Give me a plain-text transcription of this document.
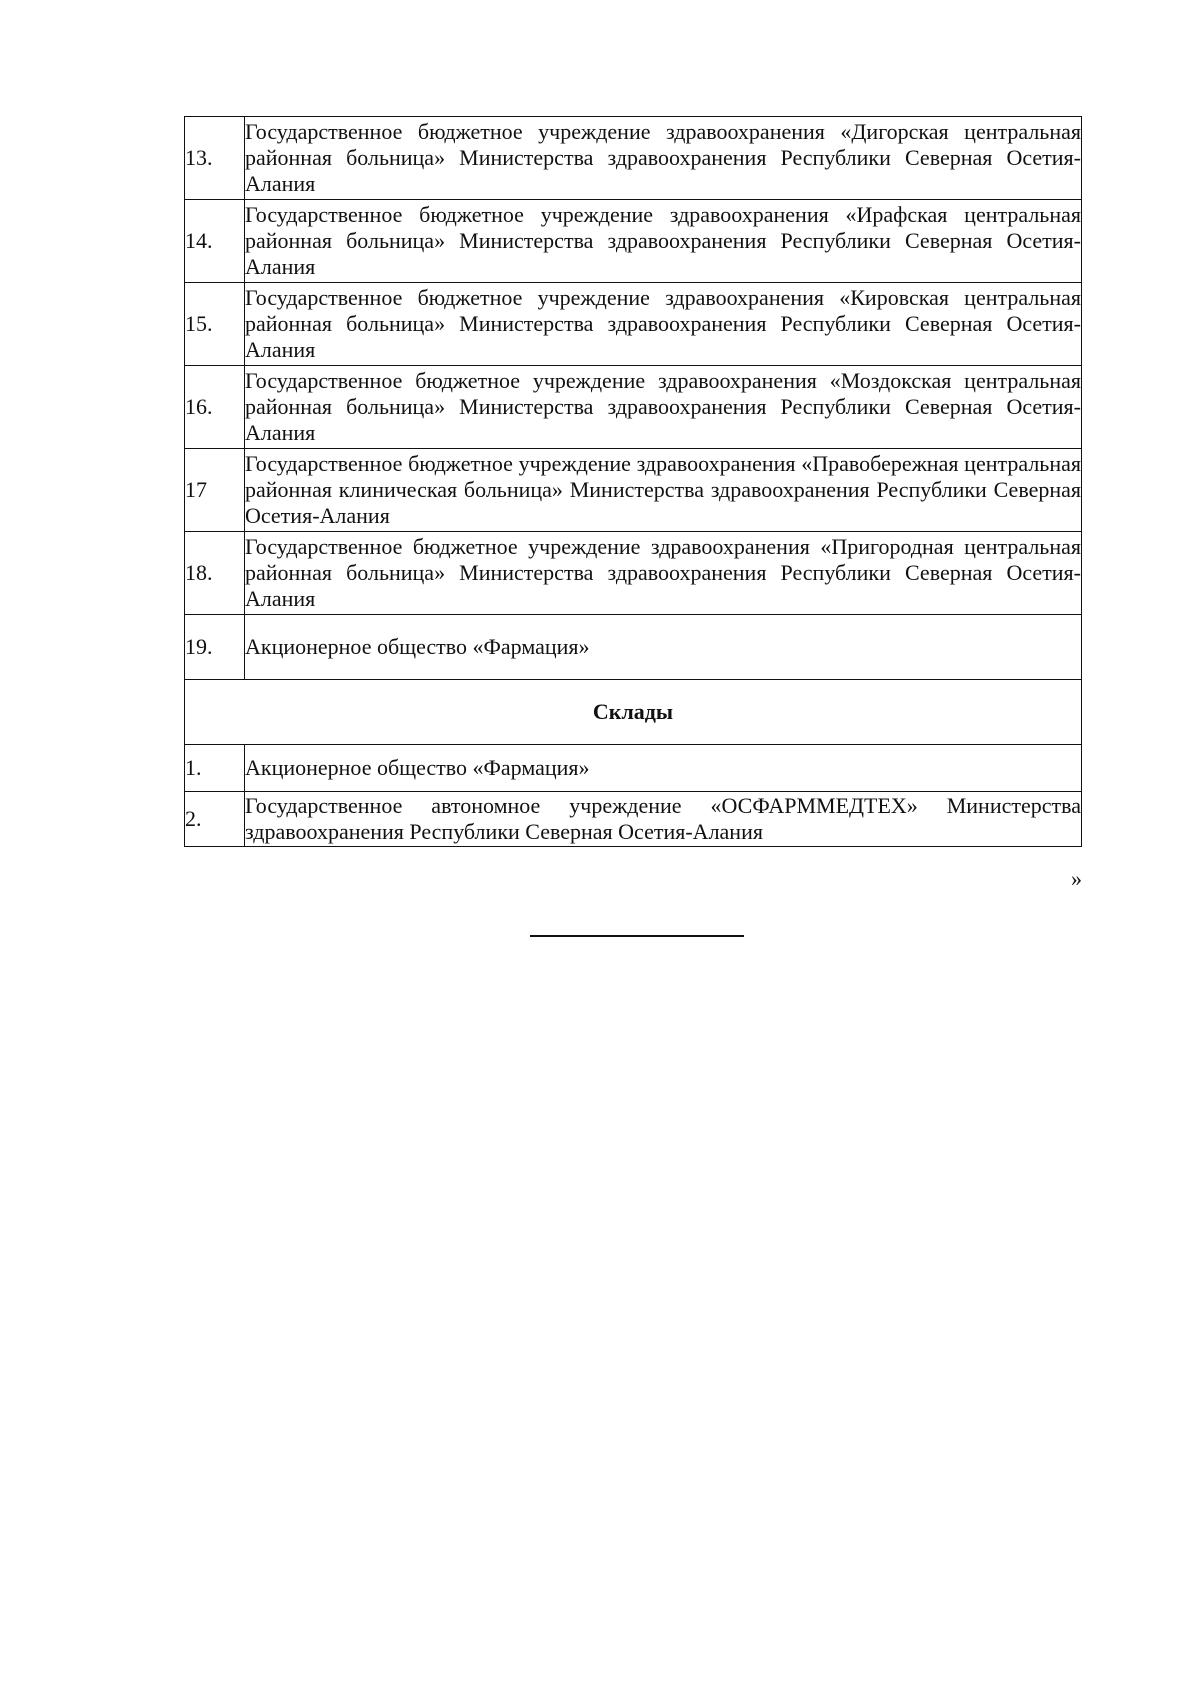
13.	Государственное бюджетное учреждение здравоохранения «Дигорская центральная районная больница» Министерства здравоохранения Республики Северная Осетия-Алания
14.	Государственное бюджетное учреждение здравоохранения «Ирафская центральная районная больница» Министерства здравоохранения Республики Северная Осетия-Алания
15.	Государственное бюджетное учреждение здравоохранения «Кировская центральная районная больница» Министерства здравоохранения Республики Северная Осетия-Алания
16.	Государственное бюджетное учреждение здравоохранения «Моздокская центральная районная больница» Министерства здравоохранения Республики Северная Осетия-Алания
17	Государственное бюджетное учреждение здравоохранения «Правобережная центральная районная клиническая больница» Министерства здравоохранения Республики Северная Осетия-Алания
18.	Государственное бюджетное учреждение здравоохранения «Пригородная центральная районная больница» Министерства здравоохранения Республики Северная Осетия-Алания
19.	Акционерное общество «Фармация»
Склады	
1.	Акционерное общество «Фармация»
2.	Государственное автономное учреждение «ОСФАРММЕДТЕХ» Министерства здравоохранения Республики Северная Осетия-Алания
»
